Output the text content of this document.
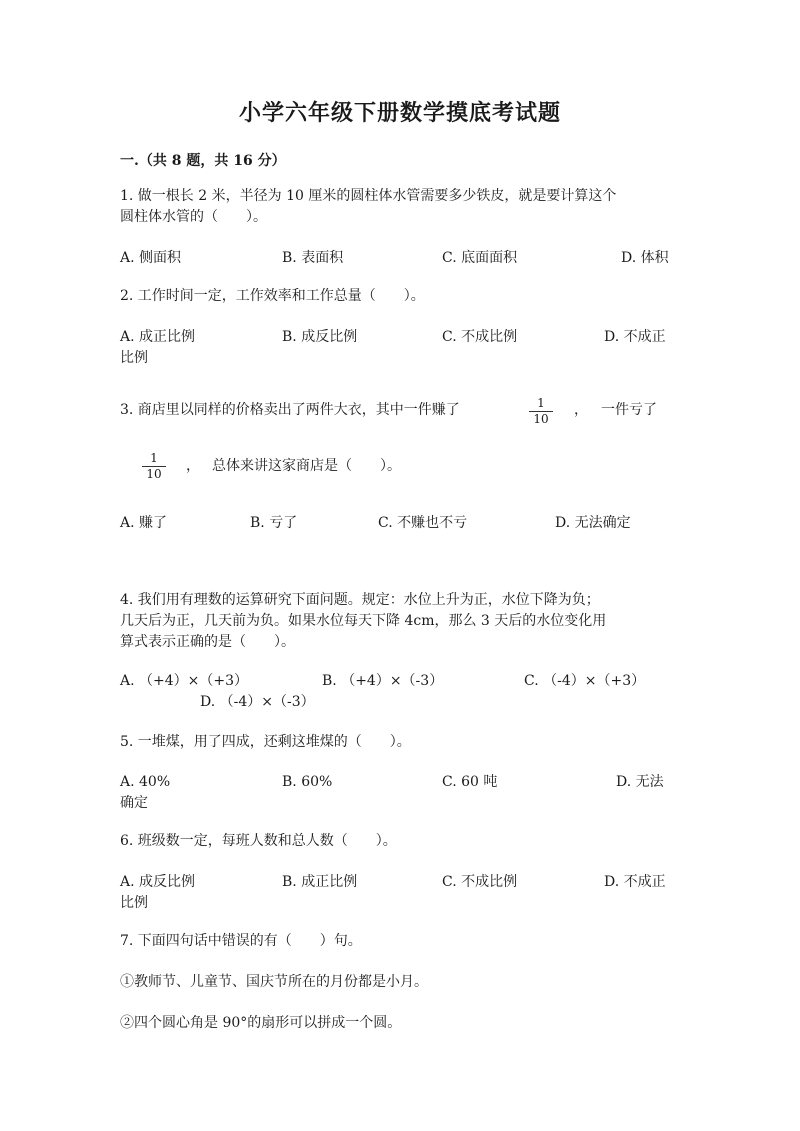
小学六年级下册数学摸底考试题
一.（共 8 题，共 16 分）
1. 做一根长 2 米，半径为 10 厘米的圆柱体水管需要多少铁皮，就是要计算这个
圆柱体水管的（　　）。
A. 侧面积	B. 表面积	C. 底面面积	D. 体积
2. 工作时间一定，工作效率和工作总量（　　）。
A. 成正比例	B. 成反比例	C. 不成比例	D. 不成正
比例
3. 商店里以同样的价格卖出了两件大衣，其中一件赚了	$\frac{1}{10}$ ， 一件亏了
$\frac{1}{10}$ ， 总体来讲这家商店是（　　）。
A. 赚了	B. 亏了	C. 不赚也不亏	D. 无法确定
4. 我们用有理数的运算研究下面问题。规定：水位上升为正，水位下降为负；
几天后为正，几天前为负。如果水位每天下降 4cm，那么 3 天后的水位变化用
算式表示正确的是（　　）。
A. （+4）×（+3）	B. （+4）×（-3）	C. （-4）×（+3）
D. （-4）×（-3）
5. 一堆煤，用了四成，还剩这堆煤的（　　）。
A. 40%	B. 60%	C. 60 吨	D. 无法
确定
6. 班级数一定，每班人数和总人数（　　）。
A. 成反比例	B. 成正比例	C. 不成比例	D. 不成正
比例
7. 下面四句话中错误的有（　　）句。
①教师节、儿童节、国庆节所在的月份都是小月。
②四个圆心角是 90°的扇形可以拼成一个圆。
